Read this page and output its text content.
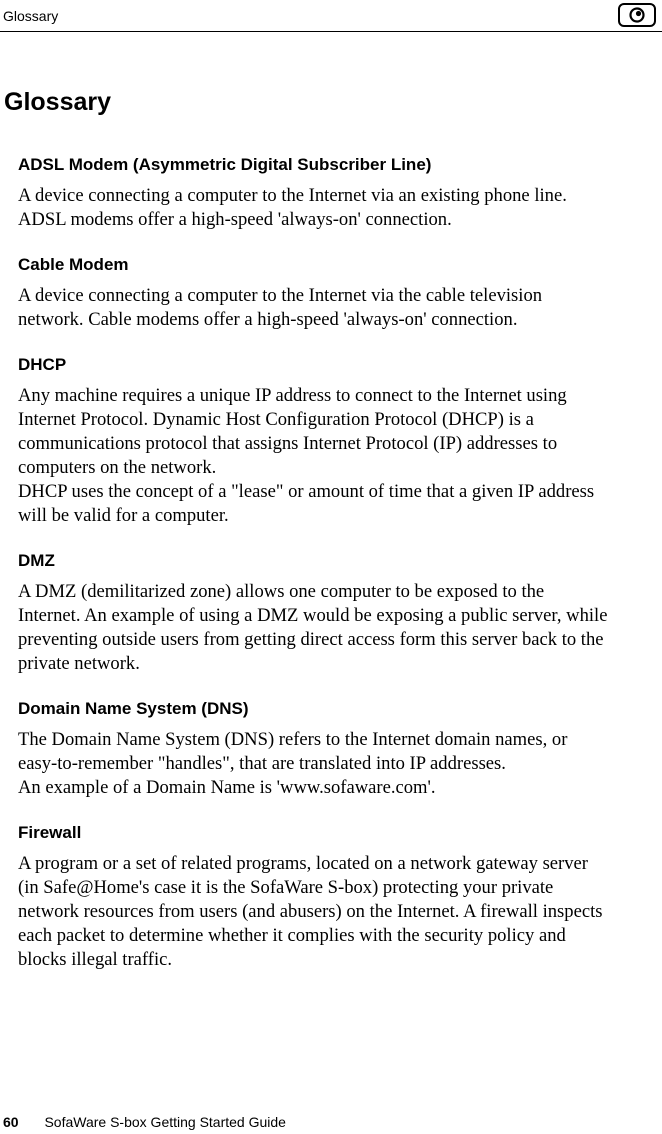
Glossary
Glossary
ADSL Modem (Asymmetric Digital Subscriber Line)

A device connecting a computer to the Internet via an existing phone line.
ADSL modems offer a high-speed 'always-on' connection.

Cable Modem

A device connecting a computer to the Internet via the cable television
network. Cable modems offer a high-speed 'always-on' connection.

DHCP

Any machine requires a unique IP address to connect to the Internet using
Internet Protocol. Dynamic Host Configuration Protocol (DHCP) is a
communications protocol that assigns Internet Protocol (IP) addresses to
computers on the network.
DHCP uses the concept of a "lease" or amount of time that a given IP address
will be valid for a computer.

DMZ

A DMZ (demilitarized zone) allows one computer to be exposed to the
Internet. An example of using a DMZ would be exposing a public server, while
preventing outside users from getting direct access form this server back to the
private network.

Domain Name System (DNS)

The Domain Name System (DNS) refers to the Internet domain names, or
easy-to-remember "handles", that are translated into IP addresses.
An example of a Domain Name is 'www.sofaware.com'.

Firewall

A program or a set of related programs, located on a network gateway server
(in Safe@Home's case it is the SofaWare S-box) protecting your private
network resources from users (and abusers) on the Internet. A firewall inspects
each packet to determine whether it complies with the security policy and
blocks illegal traffic.

60 SofaWare S-box Getting Started Guide
